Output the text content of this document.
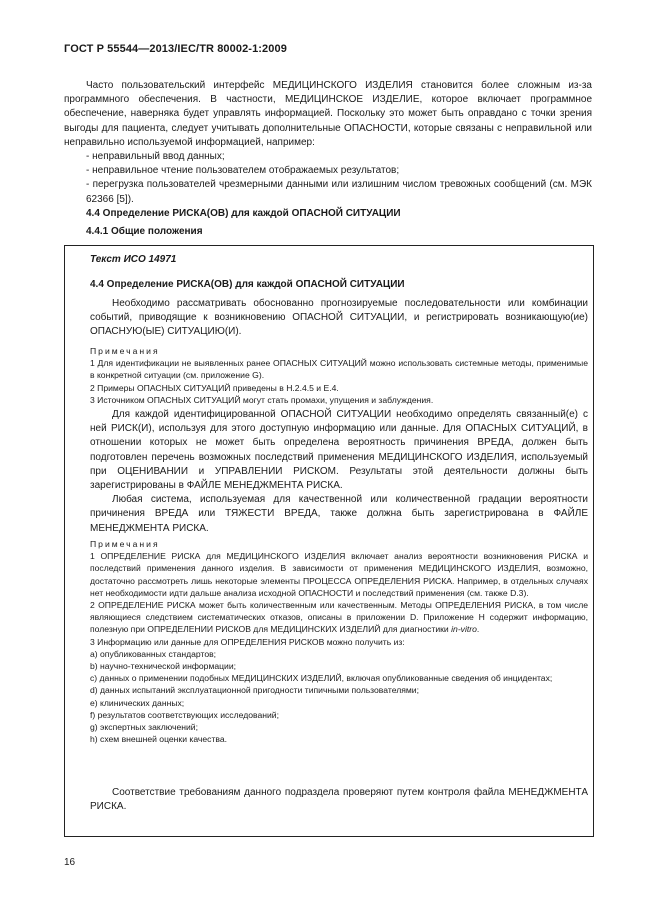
ГОСТ Р 55544—2013/IEC/TR 80002-1:2009

Часто пользовательский интерфейс МЕДИЦИНСКОГО ИЗДЕЛИЯ становится более сложным из-за программного обеспечения. В частности, МЕДИЦИНСКОЕ ИЗДЕЛИЕ, которое включает программное обеспечение, наверняка будет управлять информацией. Поскольку это может быть оправдано с точки зрения выгоды для пациента, следует учитывать дополнительные ОПАСНОСТИ, которые связаны с неправильной или неправильно используемой информацией, например:

- неправильный ввод данных;

- неправильное чтение пользователем отображаемых результатов;

- перегрузка пользователей чрезмерными данными или излишним числом тревожных сообщений (см. МЭК 62366 [5]).

4.4 Определение РИСКА(ОВ) для каждой ОПАСНОЙ СИТУАЦИИ
4.4.1 Общие положения
Текст ИСО 14971
4.4 Определение РИСКА(ОВ) для каждой ОПАСНОЙ СИТУАЦИИ

Необходимо рассматривать обоснованно прогнозируемые последовательности или комбинации событий, приводящие к возникновению ОПАСНОЙ СИТУАЦИИ, и регистрировать возникающую(ие) ОПАСНУЮ(ЫЕ) СИТУАЦИЮ(И).

Примечания

1 Для идентификации не выявленных ранее ОПАСНЫХ СИТУАЦИЙ можно использовать системные методы, применимые в конкретной ситуации (см. приложение G).

2 Примеры ОПАСНЫХ СИТУАЦИЙ приведены в Н.2.4.5 и Е.4.

3 Источником ОПАСНЫХ СИТУАЦИЙ могут стать промахи, упущения и заблуждения.

Для каждой идентифицированной ОПАСНОЙ СИТУАЦИИ необходимо определять связанный(е) с ней РИСК(И), используя для этого доступную информацию или данные. Для ОПАСНЫХ СИТУАЦИЙ, в отношении которых не может быть определена вероятность причинения ВРЕДА, должен быть подготовлен перечень возможных последствий применения МЕДИЦИНСКОГО ИЗДЕЛИЯ, используемый при ОЦЕНИВАНИИ и УПРАВЛЕНИИ РИСКОМ. Результаты этой деятельности должны быть зарегистрированы в ФАЙЛЕ МЕНЕДЖМЕНТА РИСКА.

Любая система, используемая для качественной или количественной градации вероятности причинения ВРЕДА или ТЯЖЕСТИ ВРЕДА, также должна быть зарегистрирована в ФАЙЛЕ МЕНЕДЖМЕНТА РИСКА.

Примечания

1 ОПРЕДЕЛЕНИЕ РИСКА для МЕДИЦИНСКОГО ИЗДЕЛИЯ включает анализ вероятности возникновения РИСКА и последствий применения данного изделия. В зависимости от применения МЕДИЦИНСКОГО ИЗДЕЛИЯ, возможно, достаточно рассмотреть лишь некоторые элементы ПРОЦЕССА ОПРЕДЕЛЕНИЯ РИСКА. Например, в отдельных случаях нет необходимости идти дальше анализа исходной ОПАСНОСТИ и последствий применения (см. также D.3).

2 ОПРЕДЕЛЕНИЕ РИСКА может быть количественным или качественным. Методы ОПРЕДЕЛЕНИЯ РИСКА, в том числе являющиеся следствием систематических отказов, описаны в приложении D. Приложение Н содержит информацию, полезную при ОПРЕДЕЛЕНИИ РИСКОВ для МЕДИЦИНСКИХ ИЗДЕЛИЙ для диагностики in-vitro.

3 Информацию или данные для ОПРЕДЕЛЕНИЯ РИСКОВ можно получить из:

a) опубликованных стандартов;

b) научно-технической информации;

c) данных о применении подобных МЕДИЦИНСКИХ ИЗДЕЛИЙ, включая опубликованные сведения об инцидентах;

d) данных испытаний эксплуатационной пригодности типичными пользователями;

e) клинических данных;

f) результатов соответствующих исследований;

g) экспертных заключений;

h) схем внешней оценки качества.

Соответствие требованиям данного подраздела проверяют путем контроля файла МЕНЕДЖМЕНТА РИСКА.

16
